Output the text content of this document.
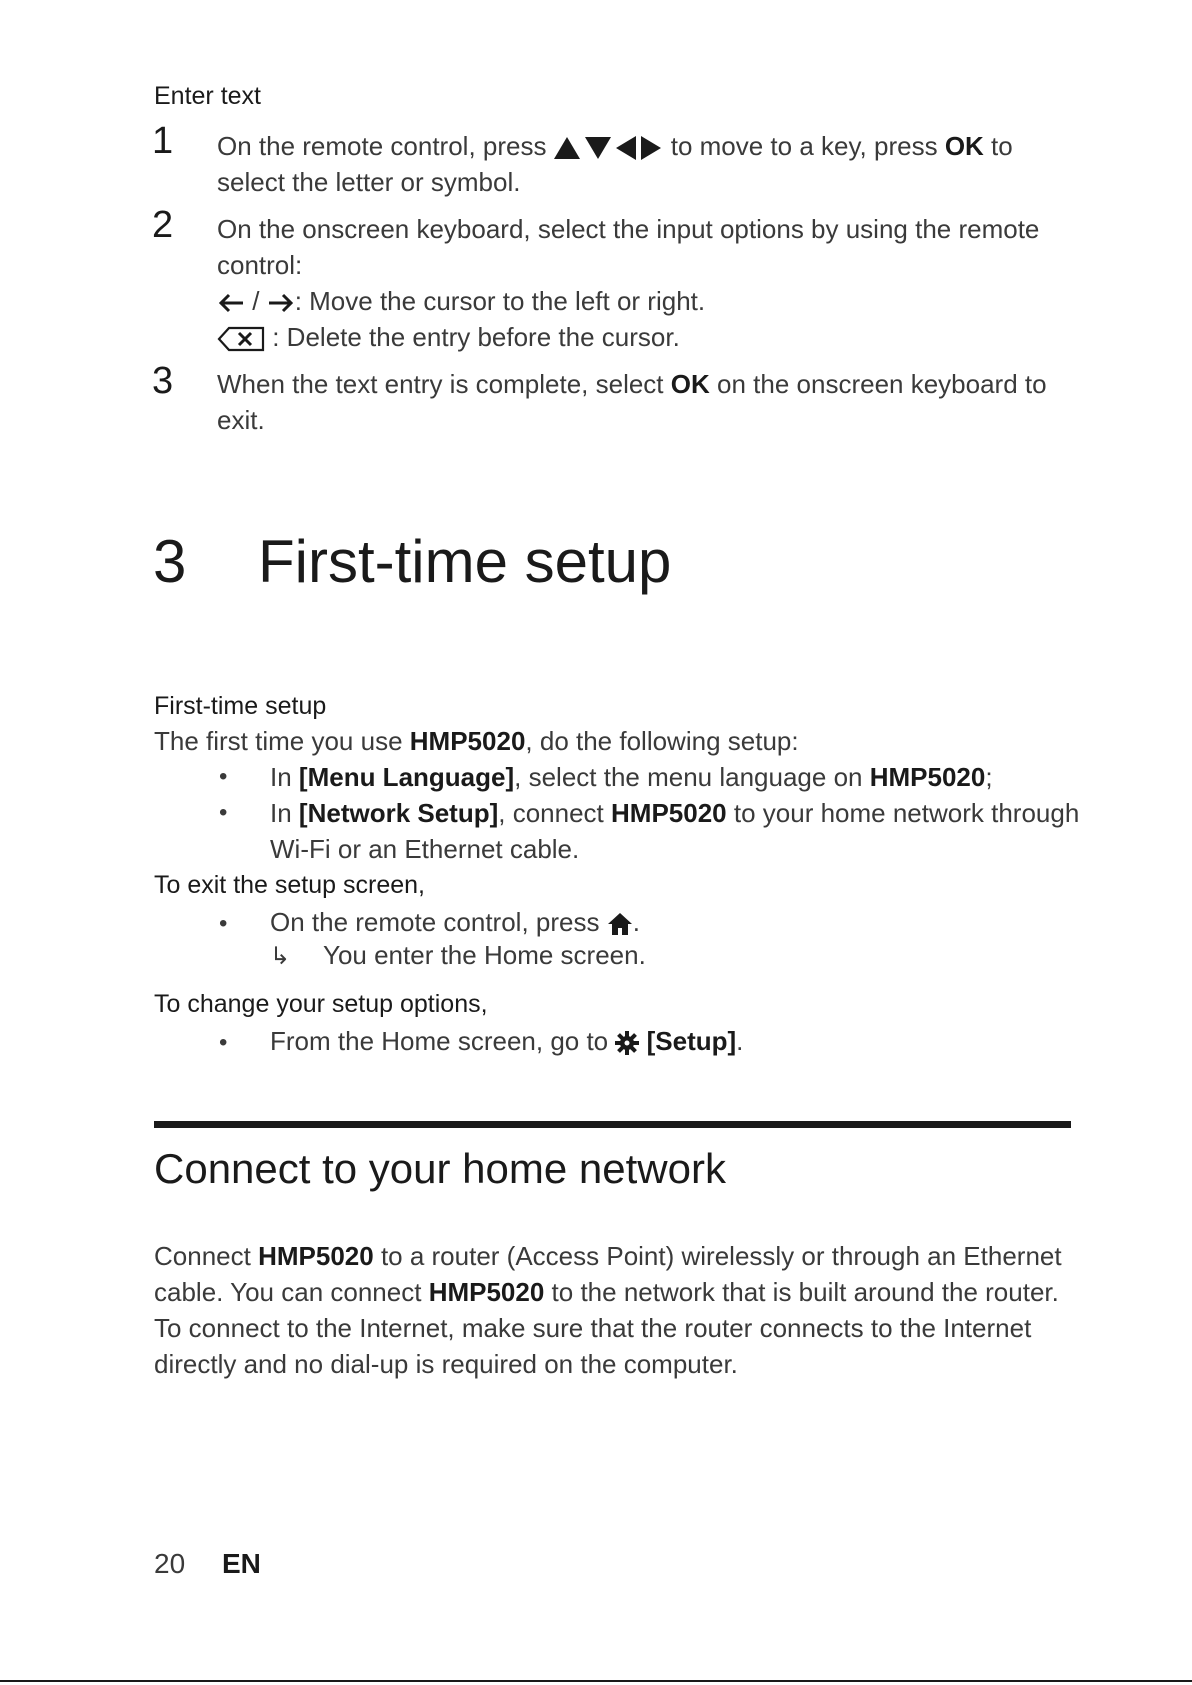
Enter text
1 On the remote control, press	to move to a key, press OK to
select the letter or symbol.
2 On the onscreen keyboard, select the input options by using the remote
control:
/ : Move the cursor to the left or right.
: Delete the entry before the cursor.
3 When the text entry is complete, select OK on the onscreen keyboard to
exit.
3 First-time setup
First-time setup
The first time you use HMP5020, do the following setup:
• In [Menu Language], select the menu language on HMP5020;
• In [Network Setup], connect HMP5020 to your home network through
Wi-Fi or an Ethernet cable.
To exit the setup screen,
• On the remote control, press .
↳ You enter the Home screen.
To change your setup options,
• From the Home screen, go to [Setup].
Connect to your home network
Connect HMP5020 to a router (Access Point) wirelessly or through an Ethernet
cable. You can connect HMP5020 to the network that is built around the router.
To connect to the Internet, make sure that the router connects to the Internet
directly and no dial-up is required on the computer.
20 EN
